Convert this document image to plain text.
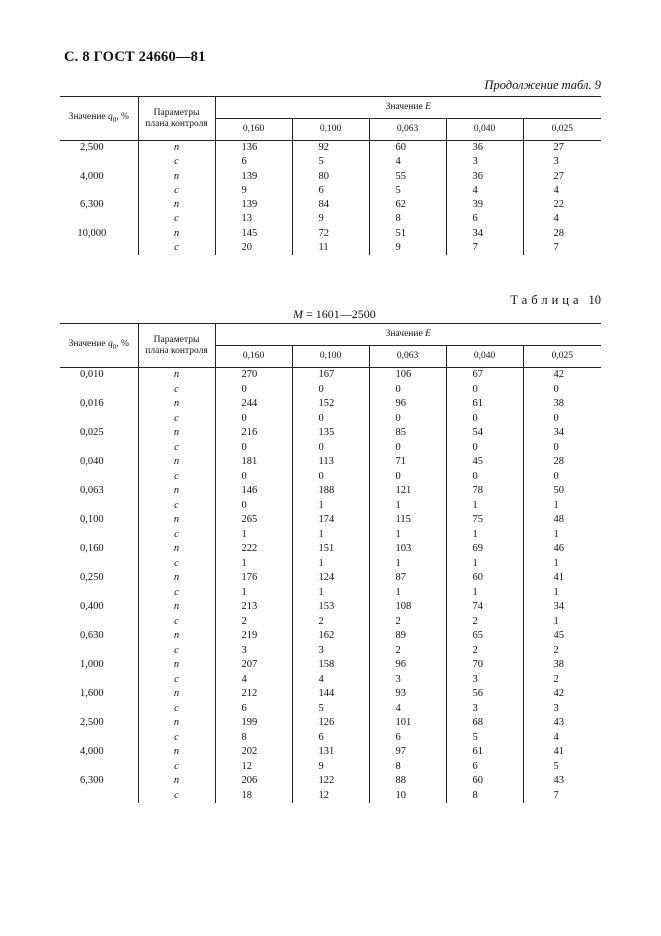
С. 8 ГОСТ 24660—81
Продолжение табл. 9
Значение $q_0$, %	Параметры
плана контроля	Значение E				
		0,160	0,100	0,063	0,040	0,025
2,500	n	136	92	60	36	27
	c	6	5	4	3	3
4,000	n	139	80	55	36	27
	c	9	6	5	4	4
6,300	n	139	84	62	39	22
	c	13	9	8	6	4
10,000	n	145	72	51	34	28
	c	20	11	9	7	7
Таблица 10
M = 1601—2500
Значение $q_0$, %	Параметры
плана контроля	Значение E				
		0,160	0,100	0,063	0,040	0,025
0,010	n	270	167	106	67	42
	c	0	0	0	0	0
0,016	n	244	152	96	61	38
	c	0	0	0	0	0
0,025	n	216	135	85	54	34
	c	0	0	0	0	0
0,040	n	181	113	71	45	28
	c	0	0	0	0	0
0,063	n	146	188	121	78	50
	c	0	1	1	1	1
0,100	n	265	174	115	75	48
	c	1	1	1	1	1
0,160	n	222	151	103	69	46
	c	1	1	1	1	1
0,250	n	176	124	87	60	41
	c	1	1	1	1	1
0,400	n	213	153	108	74	34
	c	2	2	2	2	1
0,630	n	219	162	89	65	45
	c	3	3	2	2	2
1,000	n	207	158	96	70	38
	c	4	4	3	3	2
1,600	n	212	144	93	56	42
	c	6	5	4	3	3
2,500	n	199	126	101	68	43
	c	8	6	6	5	4
4,000	n	202	131	97	61	41
	c	12	9	8	6	5
6,300	n	206	122	88	60	43
	c	18	12	10	8	7
